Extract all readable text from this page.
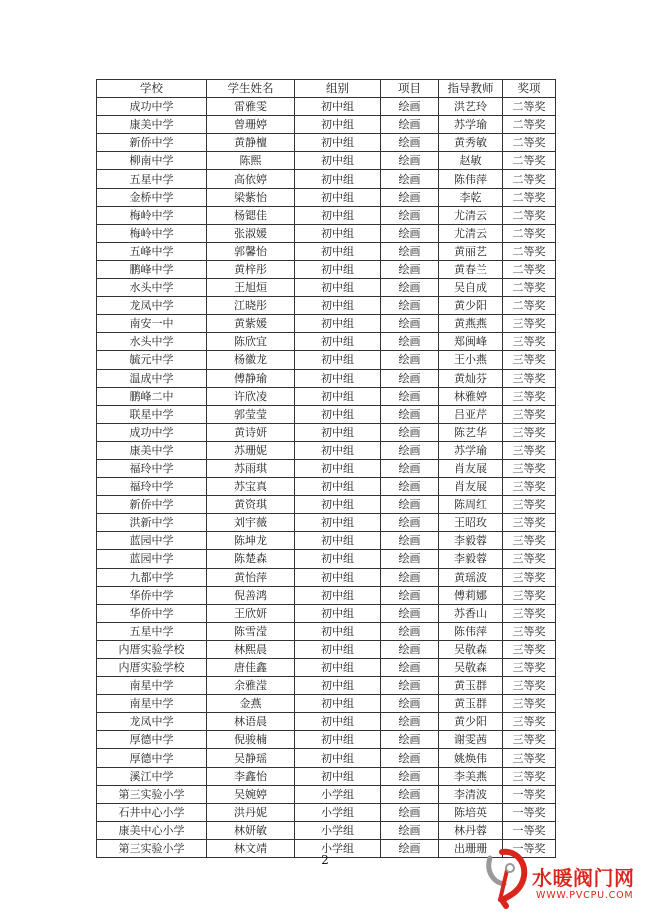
学校	学生姓名	组别	项目	指导教师	奖项
成功中学	雷雅雯	初中组	绘画	洪艺玲	二等奖
康美中学	曾珊婷	初中组	绘画	苏学瑜	二等奖
新侨中学	黄静檀	初中组	绘画	黄秀敏	二等奖
柳南中学	陈熙	初中组	绘画	赵敏	二等奖
五星中学	高依婷	初中组	绘画	陈伟萍	二等奖
金桥中学	梁紫怡	初中组	绘画	李乾	二等奖
梅岭中学	杨锶佳	初中组	绘画	尤清云	二等奖
梅岭中学	张淑媛	初中组	绘画	尤清云	二等奖
五峰中学	郭馨怡	初中组	绘画	黄丽艺	二等奖
鹏峰中学	黄梓彤	初中组	绘画	黄春兰	二等奖
水头中学	王旭烜	初中组	绘画	吴自成	二等奖
龙凤中学	江晓彤	初中组	绘画	黄少阳	二等奖
南安一中	黄紫媛	初中组	绘画	黄燕燕	三等奖
水头中学	陈欣宜	初中组	绘画	郑闽峰	三等奖
毓元中学	杨徽龙	初中组	绘画	王小燕	三等奖
温成中学	傅静瑜	初中组	绘画	黄灿芬	三等奖
鹏峰二中	许欣凌	初中组	绘画	林雅婷	三等奖
联星中学	郭莹莹	初中组	绘画	吕亚芹	三等奖
成功中学	黄诗妍	初中组	绘画	陈艺华	三等奖
康美中学	苏珊妮	初中组	绘画	苏学瑜	三等奖
福玲中学	苏雨琪	初中组	绘画	肖友展	三等奖
福玲中学	苏宝真	初中组	绘画	肖友展	三等奖
新侨中学	黄资琪	初中组	绘画	陈周红	三等奖
洪新中学	刘宇薇	初中组	绘画	王昭玫	三等奖
蓝园中学	陈坤龙	初中组	绘画	李毅蓉	三等奖
蓝园中学	陈楚森	初中组	绘画	李毅蓉	三等奖
九都中学	黄怡萍	初中组	绘画	黄瑶波	三等奖
华侨中学	倪善鸿	初中组	绘画	傅莉娜	三等奖
华侨中学	王欣妍	初中组	绘画	苏香山	三等奖
五星中学	陈雪滢	初中组	绘画	陈伟萍	三等奖
内厝实验学校	林熙晨	初中组	绘画	吴敬森	三等奖
内厝实验学校	唐佳鑫	初中组	绘画	吴敬森	三等奖
南星中学	余雅滢	初中组	绘画	黄玉群	三等奖
南星中学	金燕	初中组	绘画	黄玉群	三等奖
龙凤中学	林语晨	初中组	绘画	黄少阳	三等奖
厚德中学	倪骏楠	初中组	绘画	谢雯茜	三等奖
厚德中学	吴静瑶	初中组	绘画	姚焕伟	三等奖
溪江中学	李鑫怡	初中组	绘画	李美燕	三等奖
第三实验小学	吴婉婷	小学组	绘画	李清波	一等奖
石井中心小学	洪丹妮	小学组	绘画	陈培英	一等奖
康美中心小学	林妍敏	小学组	绘画	林丹蓉	一等奖
第三实验小学	林文靖	小学组	绘画	出珊珊	一等奖
2
水暖阀门网
WWW.PVCPU.COM
